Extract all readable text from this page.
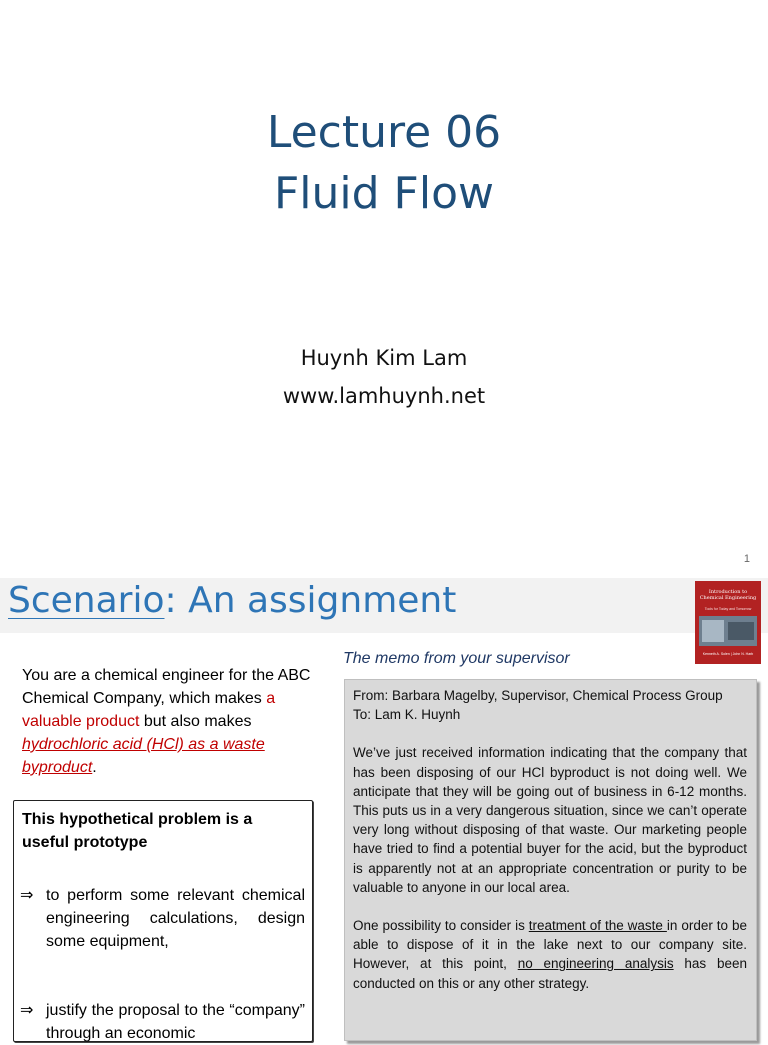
Lecture 06
Fluid Flow
Huynh Kim Lam
www.lamhuynh.net
1
Scenario: An assignment	Introduction to Chemical Engineering
Tools for Today and Tomorrow
Kenneth A. Solen | John N. Harb
The memo from your supervisor
You are a chemical engineer for the ABC Chemical Company, which makes a valuable product but also makes hydrochloric acid (HCl) as a waste byproduct.
This hypothetical problem is a useful prototype
⇒ to perform some relevant chemical engineering calculations, design some equipment,
⇒ justify the proposal to the “company” through an economic

From: Barbara Magelby, Supervisor, Chemical Process Group

To: Lam K. Huynh

We’ve just received information indicating that the company that has been disposing of our HCl byproduct is not doing well. We anticipate that they will be going out of business in 6-12 months. This puts us in a very dangerous situation, since we can’t operate very long without disposing of that waste. Our marketing people have tried to find a potential buyer for the acid, but the byproduct is apparently not at an appropriate concentration or purity to be valuable to anyone in our local area.

One possibility to consider is treatment of the waste in order to be able to dispose of it in the lake next to our company site. However, at this point, no engineering analysis has been conducted on this or any other strategy.
